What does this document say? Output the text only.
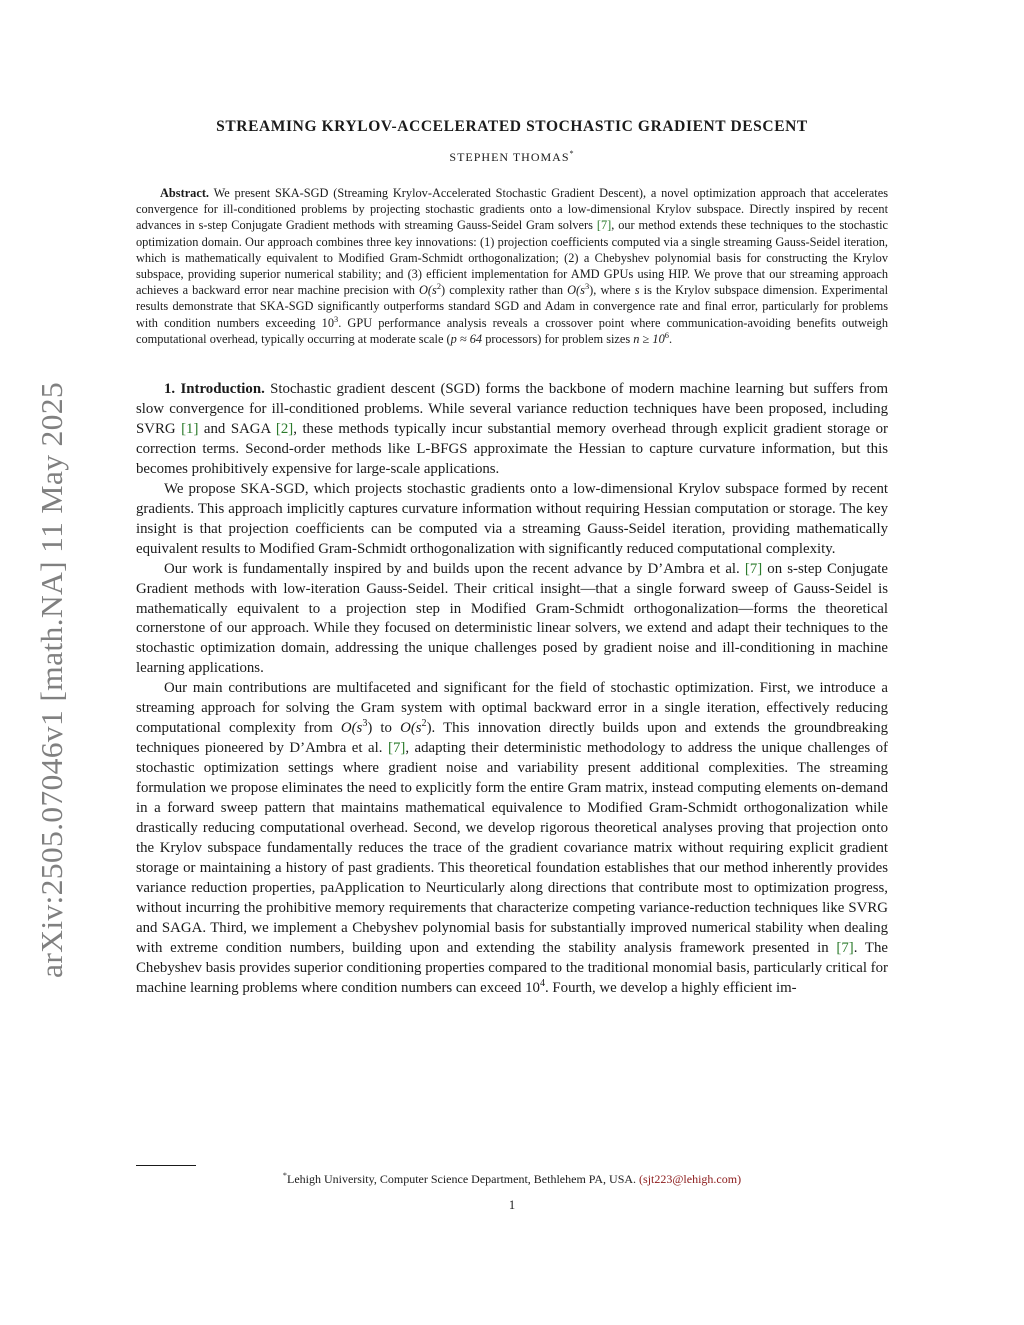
arXiv:2505.07046v1 [math.NA] 11 May 2025
STREAMING KRYLOV-ACCELERATED STOCHASTIC GRADIENT DESCENT
STEPHEN THOMAS*

Abstract. We present SKA-SGD (Streaming Krylov-Accelerated Stochastic Gradient Descent), a novel optimization approach that accelerates convergence for ill-conditioned problems by projecting stochastic gradients onto a low-dimensional Krylov subspace. Directly inspired by recent advances in s-step Conjugate Gradient methods with streaming Gauss-Seidel Gram solvers [7], our method extends these techniques to the stochastic optimization domain. Our approach combines three key innovations: (1) projection coefficients computed via a single streaming Gauss-Seidel iteration, which is mathematically equivalent to Modified Gram-Schmidt orthogonalization; (2) a Chebyshev polynomial basis for constructing the Krylov subspace, providing superior numerical stability; and (3) efficient implementation for AMD GPUs using HIP. We prove that our streaming approach achieves a backward error near machine precision with $O(s^2)$ complexity rather than $O(s^3)$, where s is the Krylov subspace dimension. Experimental results demonstrate that SKA-SGD significantly outperforms standard SGD and Adam in convergence rate and final error, particularly for problems with condition numbers exceeding $10^3$. GPU performance analysis reveals a crossover point where communication-avoiding benefits outweigh computational overhead, typically occurring at moderate scale (p ≈ 64 processors) for problem sizes $n \ge 10^6$.

1. Introduction. Stochastic gradient descent (SGD) forms the backbone of modern machine learning but suffers from slow convergence for ill-conditioned problems. While several variance reduction techniques have been proposed, including SVRG [1] and SAGA [2], these methods typically incur substantial memory overhead through explicit gradient storage or correction terms. Second-order methods like L-BFGS approximate the Hessian to capture curvature information, but this becomes prohibitively expensive for large-scale applications.

We propose SKA-SGD, which projects stochastic gradients onto a low-dimensional Krylov subspace formed by recent gradients. This approach implicitly captures curvature information without requiring Hessian computation or storage. The key insight is that projection coefficients can be computed via a streaming Gauss-Seidel iteration, providing mathematically equivalent results to Modified Gram-Schmidt orthogonalization with significantly reduced computational complexity.

Our work is fundamentally inspired by and builds upon the recent advance by D’Ambra et al. [7] on s-step Conjugate Gradient methods with low-iteration Gauss-Seidel. Their critical insight—that a single forward sweep of Gauss-Seidel is mathematically equivalent to a projection step in Modified Gram-Schmidt orthogonalization—forms the theoretical cornerstone of our approach. While they focused on deterministic linear solvers, we extend and adapt their techniques to the stochastic optimization domain, addressing the unique challenges posed by gradient noise and ill-conditioning in machine learning applications.

Our main contributions are multifaceted and significant for the field of stochastic optimization. First, we introduce a streaming approach for solving the Gram system with optimal backward error in a single iteration, effectively reducing computational complexity from $O(s^3)$ to $O(s^2)$. This innovation directly builds upon and extends the groundbreaking techniques pioneered by D’Ambra et al. [7], adapting their deterministic methodology to address the unique challenges of stochastic optimization settings where gradient noise and variability present additional complexities. The streaming formulation we propose eliminates the need to explicitly form the entire Gram matrix, instead computing elements on-demand in a forward sweep pattern that maintains mathematical equivalence to Modified Gram-Schmidt orthogonalization while drastically reducing computational overhead. Second, we develop rigorous theoretical analyses proving that projection onto the Krylov subspace fundamentally reduces the trace of the gradient covariance matrix without requiring explicit gradient storage or maintaining a history of past gradients. This theoretical foundation establishes that our method inherently provides variance reduction properties, paApplication to Neurticularly along directions that contribute most to optimization progress, without incurring the prohibitive memory requirements that characterize competing variance-reduction techniques like SVRG and SAGA. Third, we implement a Chebyshev polynomial basis for substantially improved numerical stability when dealing with extreme condition numbers, building upon and extending the stability analysis framework presented in [7]. The Chebyshev basis provides superior conditioning properties compared to the traditional monomial basis, particularly critical for machine learning problems where condition numbers can exceed $10^4$. Fourth, we develop a highly efficient im-

*Lehigh University, Computer Science Department, Bethlehem PA, USA. (sjt223@lehigh.com)
1
